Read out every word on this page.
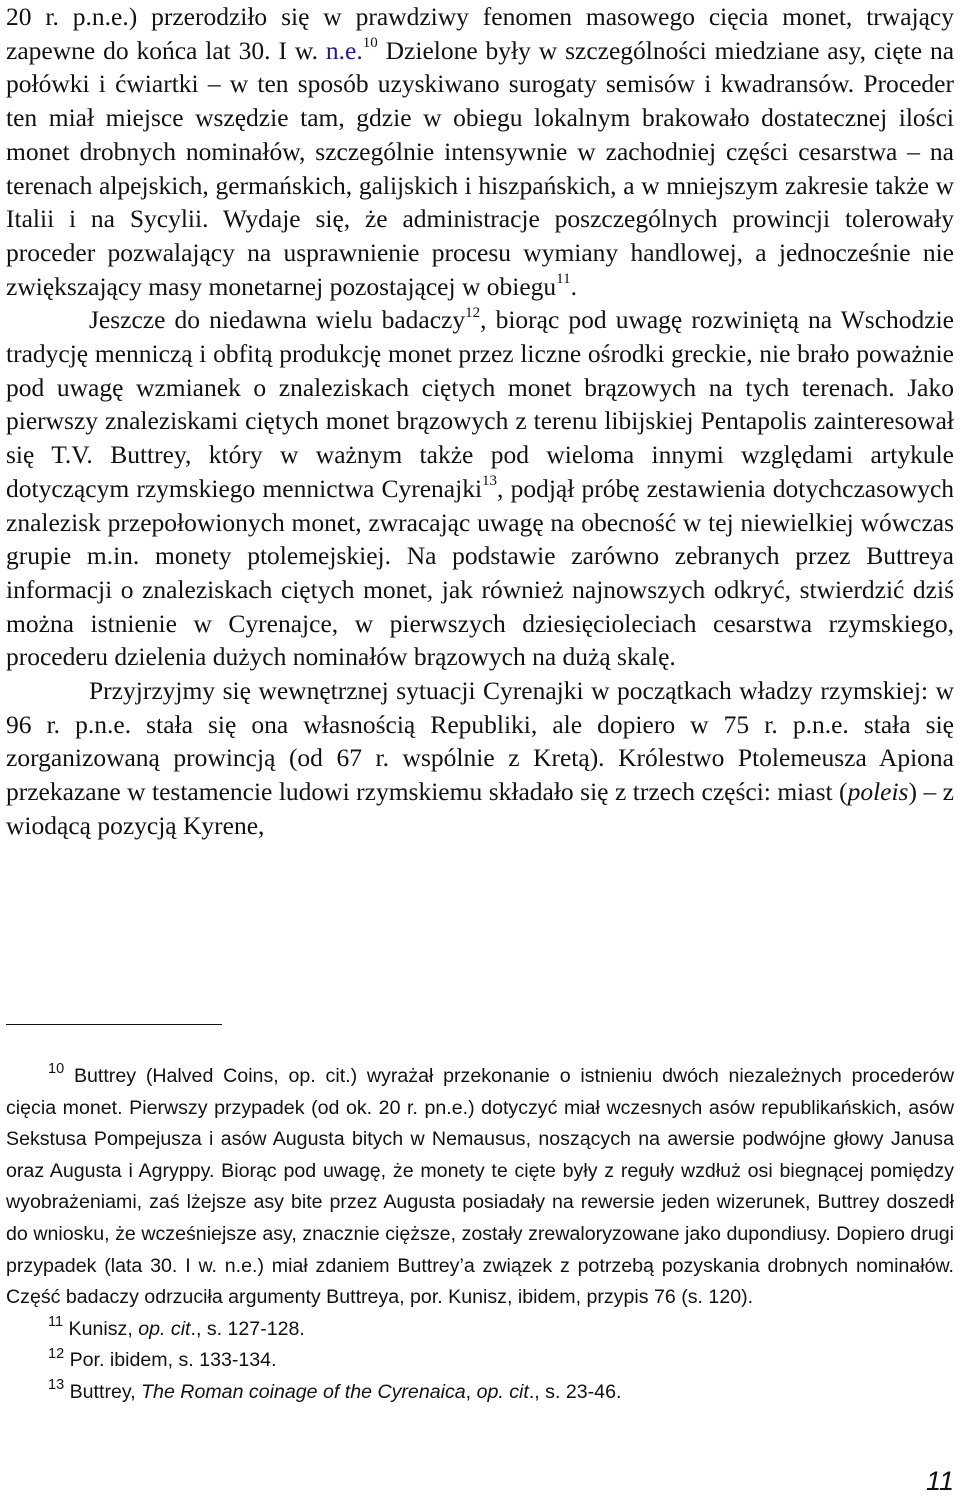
20 r. p.n.e.) przerodziło się w prawdziwy fenomen masowego cięcia monet, trwający zapewne do końca lat 30. I w. n.e.$^{10}$ Dzielone były w szczególności miedziane asy, cięte na połówki i ćwiartki – w ten sposób uzyskiwano surogaty semisów i kwadransów. Proceder ten miał miejsce wszędzie tam, gdzie w obiegu lokalnym brakowało dostatecznej ilości monet drobnych nominałów, szczególnie intensywnie w zachodniej części cesarstwa – na terenach alpejskich, germańskich, galijskich i hiszpańskich, a w mniejszym zakresie także w Italii i na Sycylii. Wydaje się, że administracje poszczególnych prowincji tolerowały proceder pozwalający na usprawnienie procesu wymiany handlowej, a jednocześnie nie zwiększający masy monetarnej pozostającej w obiegu$^{11}$.

Jeszcze do niedawna wielu badaczy$^{12}$, biorąc pod uwagę rozwiniętą na Wschodzie tradycję menniczą i obfitą produkcję monet przez liczne ośrodki greckie, nie brało poważnie pod uwagę wzmianek o znaleziskach ciętych monet brązowych na tych terenach. Jako pierwszy znaleziskami ciętych monet brązowych z terenu libijskiej Pentapolis zainteresował się T.V. Buttrey, który w ważnym także pod wieloma innymi względami artykule dotyczącym rzymskiego mennictwa Cyrenajki$^{13}$, podjął próbę zestawienia dotychczasowych znalezisk przepołowionych monet, zwracając uwagę na obecność w tej niewielkiej wówczas grupie m.in. monety ptolemejskiej. Na podstawie zarówno zebranych przez Buttreya informacji o znaleziskach ciętych monet, jak również najnowszych odkryć, stwierdzić dziś można istnienie w Cyrenajce, w pierwszych dziesięcioleciach cesarstwa rzymskiego, procederu dzielenia dużych nominałów brązowych na dużą skalę.

Przyjrzyjmy się wewnętrznej sytuacji Cyrenajki w początkach władzy rzymskiej: w 96 r. p.n.e. stała się ona własnością Republiki, ale dopiero w 75 r. p.n.e. stała się zorganizowaną prowincją (od 67 r. wspólnie z Kretą). Królestwo Ptolemeusza Apiona przekazane w testamencie ludowi rzymskiemu składało się z trzech części: miast (poleis) – z wiodącą pozycją Kyrene,

$^{10}$ Buttrey (Halved Coins, op. cit.) wyrażał przekonanie o istnieniu dwóch niezależnych procederów cięcia monet. Pierwszy przypadek (od ok. 20 r. pn.e.) dotyczyć miał wczesnych asów republikańskich, asów Sekstusa Pompejusza i asów Augusta bitych w Nemausus, noszących na awersie podwójne głowy Janusa oraz Augusta i Agryppy. Biorąc pod uwagę, że monety te cięte były z reguły wzdłuż osi biegnącej pomiędzy wyobrażeniami, zaś lżejsze asy bite przez Augusta posiadały na rewersie jeden wizerunek, Buttrey doszedł do wniosku, że wcześniejsze asy, znacznie cięższe, zostały zrewaloryzowane jako dupondiusy. Dopiero drugi przypadek (lata 30. I w. n.e.) miał zdaniem Buttrey’a związek z potrzebą pozyskania drobnych nominałów. Część badaczy odrzuciła argumenty Buttreya, por. Kunisz, ibidem, przypis 76 (s. 120).

$^{11}$ Kunisz, op. cit., s. 127-128.

$^{12}$ Por. ibidem, s. 133-134.

$^{13}$ Buttrey, The Roman coinage of the Cyrenaica, op. cit., s. 23-46.

11
